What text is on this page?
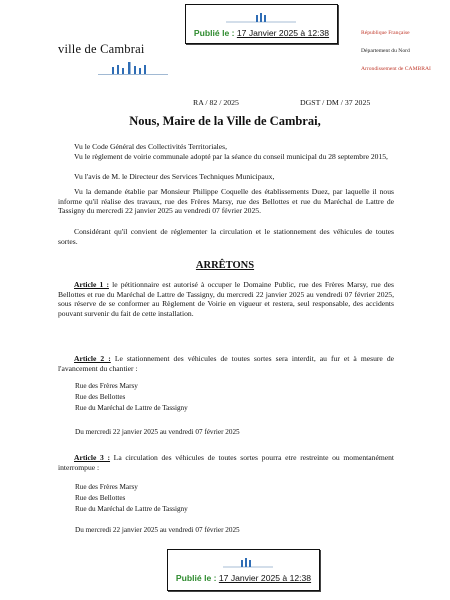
Publié le : 17 Janvier 2025 à 12:38
ville de Cambrai
République Française
Département du Nord
Arrondissement de CAMBRAI
RA / 82 / 2025	DGST / DM / 37 2025
Nous, Maire de la Ville de Cambrai,
Vu le Code Général des Collectivités Territoriales,
Vu le règlement de voirie communale adopté par la séance du conseil municipal du 28 septembre 2015,
Vu l'avis de M. le Directeur des Services Techniques Municipaux,
Vu la demande établie par Monsieur Philippe Coquelle des établissements Duez, par laquelle il nous informe qu'il réalise des travaux, rue des Frères Marsy, rue des Bellottes et rue du Maréchal de Lattre de Tassigny du mercredi 22 janvier 2025 au vendredi 07 février 2025.
Considérant qu'il convient de réglementer la circulation et le stationnement des véhicules de toutes sortes.
ARRÊTONS
Article 1 : le pétitionnaire est autorisé à occuper le Domaine Public, rue des Frères Marsy, rue des Bellottes et rue du Maréchal de Lattre de Tassigny, du mercredi 22 janvier 2025 au vendredi 07 février 2025, sous réserve de se conformer au Règlement de Voirie en vigueur et restera, seul responsable, des accidents pouvant survenir du fait de cette installation.
Article 2 : Le stationnement des véhicules de toutes sortes sera interdit, au fur et à mesure de l'avancement du chantier :
Rue des Frères Marsy
Rue des Bellottes
Rue du Maréchal de Lattre de Tassigny
Du mercredi 22 janvier 2025 au vendredi 07 février 2025
Article 3 : La circulation des véhicules de toutes sortes pourra etre restreinte ou momentanément interrompue :
Rue des Frères Marsy
Rue des Bellottes
Rue du Maréchal de Lattre de Tassigny
Du mercredi 22 janvier 2025 au vendredi 07 février 2025
Publié le : 17 Janvier 2025 à 12:38
